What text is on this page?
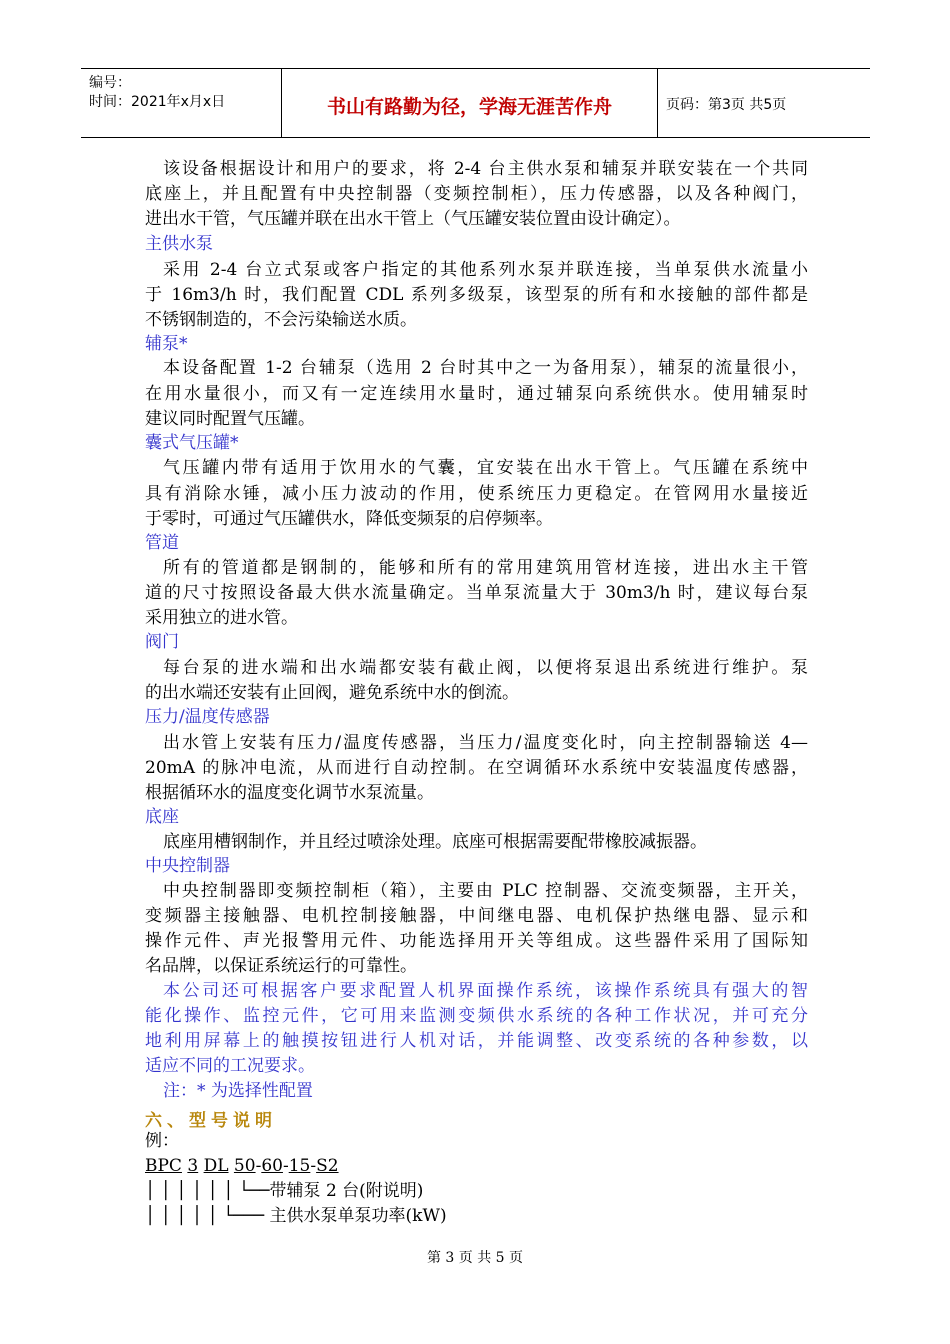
编号：
时间：2021年x月x日	书山有路勤为径，学海无涯苦作舟	页码：第3页 共5页
该设备根据设计和用户的要求，将 2-4 台主供水泵和辅泵并联安装在一个共同
底座上，并且配置有中央控制器（变频控制柜），压力传感器，以及各种阀门，
进出水干管，气压罐并联在出水干管上（气压罐安装位置由设计确定）。
主供水泵
采用 2-4 台立式泵或客户指定的其他系列水泵并联连接，当单泵供水流量小
于 16m3/h 时，我们配置 CDL 系列多级泵，该型泵的所有和水接触的部件都是
不锈钢制造的，不会污染输送水质。
辅泵*
本设备配置 1-2 台辅泵（选用 2 台时其中之一为备用泵），辅泵的流量很小，
在用水量很小，而又有一定连续用水量时，通过辅泵向系统供水。使用辅泵时
建议同时配置气压罐。
囊式气压罐*
气压罐内带有适用于饮用水的气囊，宜安装在出水干管上。气压罐在系统中
具有消除水锤，减小压力波动的作用，使系统压力更稳定。在管网用水量接近
于零时，可通过气压罐供水，降低变频泵的启停频率。
管道
所有的管道都是钢制的，能够和所有的常用建筑用管材连接，进出水主干管
道的尺寸按照设备最大供水流量确定。当单泵流量大于 30m3/h 时，建议每台泵
采用独立的进水管。
阀门
每台泵的进水端和出水端都安装有截止阀，以便将泵退出系统进行维护。泵
的出水端还安装有止回阀，避免系统中水的倒流。
压力/温度传感器
出水管上安装有压力/温度传感器，当压力/温度变化时，向主控制器输送 4—
20mA 的脉冲电流，从而进行自动控制。在空调循环水系统中安装温度传感器，
根据循环水的温度变化调节水泵流量。
底座
底座用槽钢制作，并且经过喷涂处理。底座可根据需要配带橡胶减振器。
中央控制器
中央控制器即变频控制柜（箱），主要由 PLC 控制器、交流变频器，主开关，
变频器主接触器、电机控制接触器，中间继电器、电机保护热继电器、显示和
操作元件、声光报警用元件、功能选择用开关等组成。这些器件采用了国际知
名品牌，以保证系统运行的可靠性。
本公司还可根据客户要求配置人机界面操作系统，该操作系统具有强大的智
能化操作、监控元件，它可用来监测变频供水系统的各种工作状况，并可充分
地利用屏幕上的触摸按钮进行人机对话，并能调整、改变系统的各种参数，以
适应不同的工况要求。
注：* 为选择性配置
六、型号说明
例：
BPC 3 DL 50-60-15-S2
│ │ │ │ │ │ └──带辅泵 2 台(附说明)
│ │ │ │ │ └─── 主供水泵单泵功率(kW)
第 3 页 共 5 页
